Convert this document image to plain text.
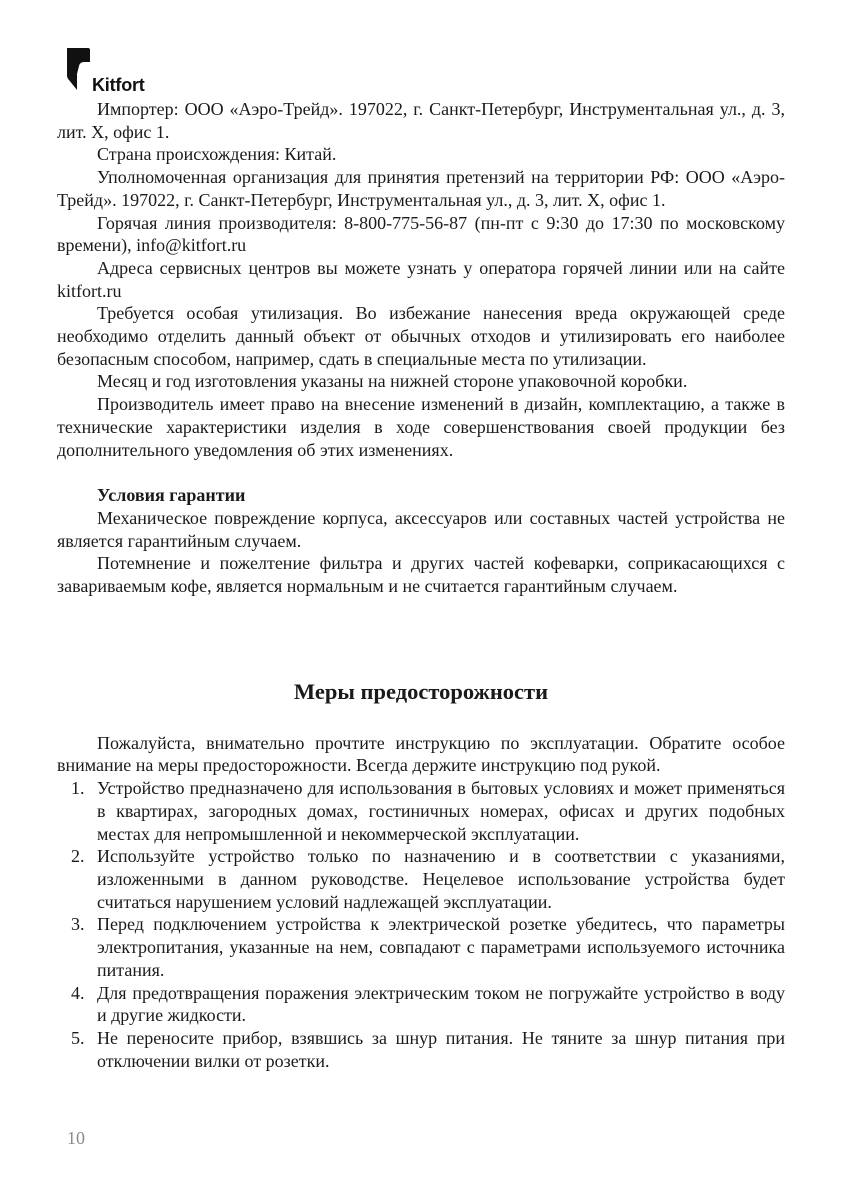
Kitfort

Импортер: ООО «Аэро-Трейд». 197022, г. Санкт-Петербург, Инструментальная ул., д. 3, лит. Х, офис 1.

Страна происхождения: Китай.

Уполномоченная организация для принятия претензий на территории РФ: ООО «Аэро-Трейд». 197022, г. Санкт-Петербург, Инструментальная ул., д. 3, лит. Х, офис 1.

Горячая линия производителя: 8-800-775-56-87 (пн-пт с 9:30 до 17:30 по московскому времени), info@kitfort.ru

Адреса сервисных центров вы можете узнать у оператора горячей линии или на сайте kitfort.ru

Требуется особая утилизация. Во избежание нанесения вреда окружающей среде необходимо отделить данный объект от обычных отходов и утилизировать его наиболее безопасным способом, например, сдать в специальные места по утилизации.

Месяц и год изготовления указаны на нижней стороне упаковочной коробки.

Производитель имеет право на внесение изменений в дизайн, комплектацию, а также в технические характеристики изделия в ходе совершенствования своей продукции без дополнительного уведомления об этих изменениях.

Условия гарантии

Механическое повреждение корпуса, аксессуаров или составных частей устройства не является гарантийным случаем.

Потемнение и пожелтение фильтра и других частей кофеварки, соприкасающихся с завариваемым кофе, является нормальным и не считается гарантийным случаем.

Меры предосторожности

Пожалуйста, внимательно прочтите инструкцию по эксплуатации. Обратите особое внимание на меры предосторожности. Всегда держите инструкцию под рукой.

1. Устройство предназначено для использования в бытовых условиях и может применяться в квартирах, загородных домах, гостиничных номерах, офисах и других подобных местах для непромышленной и некоммерческой эксплуатации.
2. Используйте устройство только по назначению и в соответствии с указаниями, изложенными в данном руководстве. Нецелевое использование устройства будет считаться нарушением условий надлежащей эксплуатации.
3. Перед подключением устройства к электрической розетке убедитесь, что параметры электропитания, указанные на нем, совпадают с параметрами используемого источника питания.
4. Для предотвращения поражения электрическим током не погружайте устройство в воду и другие жидкости.
5. Не переносите прибор, взявшись за шнур питания. Не тяните за шнур питания при отключении вилки от розетки.
10
